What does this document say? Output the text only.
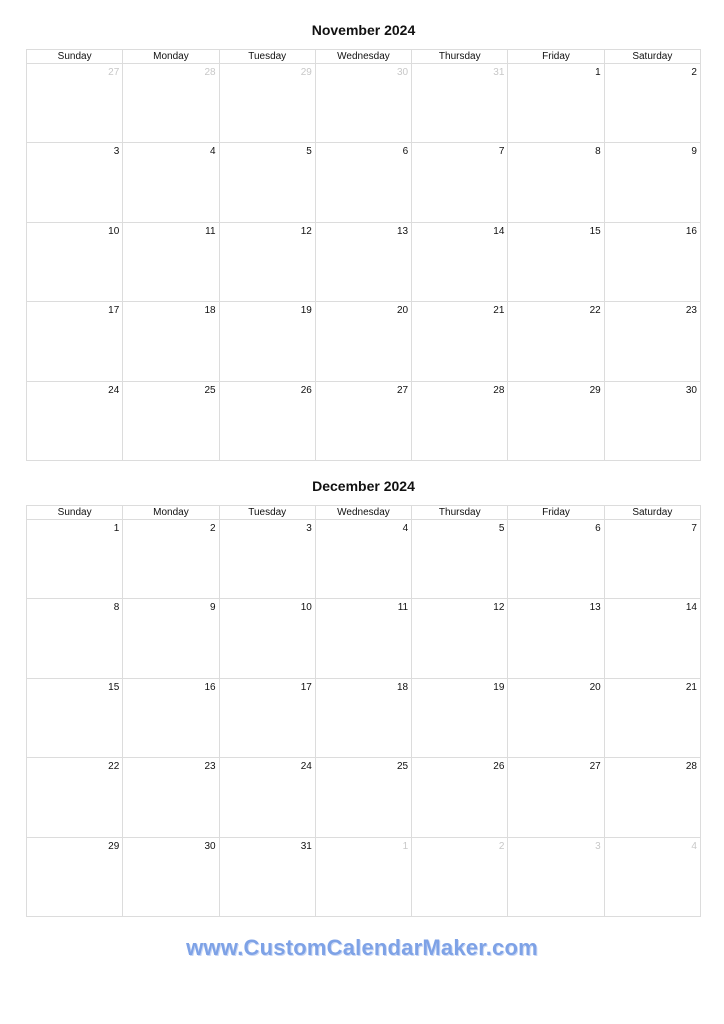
November 2024
Sunday	Monday	Tuesday	Wednesday	Thursday	Friday	Saturday
27	28	29	30	31	1	2
3	4	5	6	7	8	9
10	11	12	13	14	15	16
17	18	19	20	21	22	23
24	25	26	27	28	29	30
December 2024
Sunday	Monday	Tuesday	Wednesday	Thursday	Friday	Saturday
1	2	3	4	5	6	7
8	9	10	11	12	13	14
15	16	17	18	19	20	21
22	23	24	25	26	27	28
29	30	31	1	2	3	4
www.CustomCalendarMaker.com
